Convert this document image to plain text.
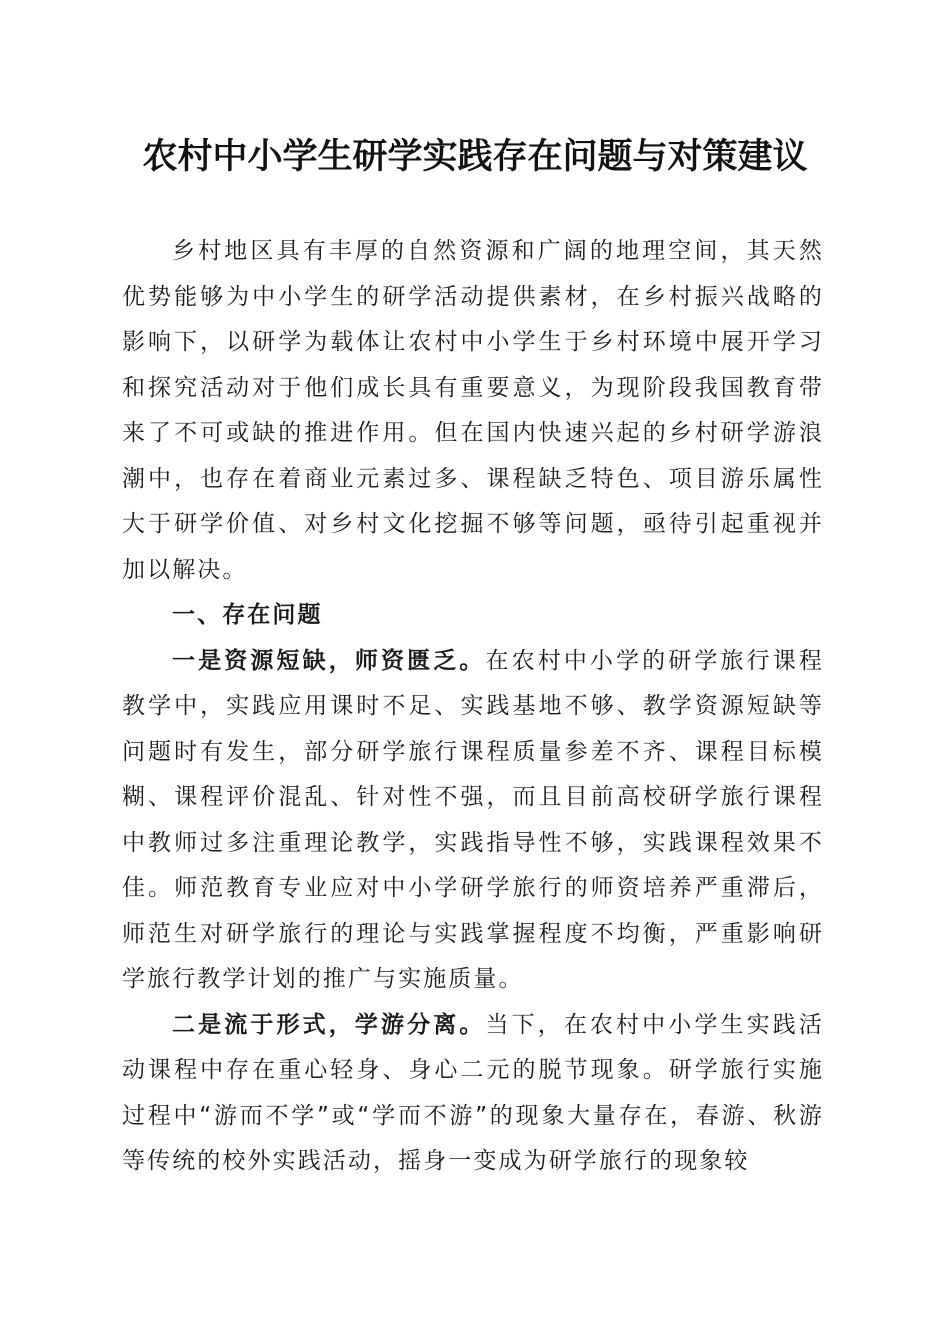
农村中小学生研学实践存在问题与对策建议

乡村地区具有丰厚的自然资源和广阔的地理空间，其天然优势能够为中小学生的研学活动提供素材，在乡村振兴战略的影响下，以研学为载体让农村中小学生于乡村环境中展开学习和探究活动对于他们成长具有重要意义，为现阶段我国教育带来了不可或缺的推进作用。但在国内快速兴起的乡村研学游浪潮中，也存在着商业元素过多、课程缺乏特色、项目游乐属性大于研学价值、对乡村文化挖掘不够等问题，亟待引起重视并加以解决。

一、存在问题

一是资源短缺，师资匮乏。在农村中小学的研学旅行课程教学中，实践应用课时不足、实践基地不够、教学资源短缺等问题时有发生，部分研学旅行课程质量参差不齐、课程目标模糊、课程评价混乱、针对性不强，而且目前高校研学旅行课程中教师过多注重理论教学，实践指导性不够，实践课程效果不佳。师范教育专业应对中小学研学旅行的师资培养严重滞后，师范生对研学旅行的理论与实践掌握程度不均衡，严重影响研学旅行教学计划的推广与实施质量。

二是流于形式，学游分离。当下，在农村中小学生实践活动课程中存在重心轻身、身心二元的脱节现象。研学旅行实施过程中“游而不学”或“学而不游”的现象大量存在，春游、秋游等传统的校外实践活动，摇身一变成为研学旅行的现象较
